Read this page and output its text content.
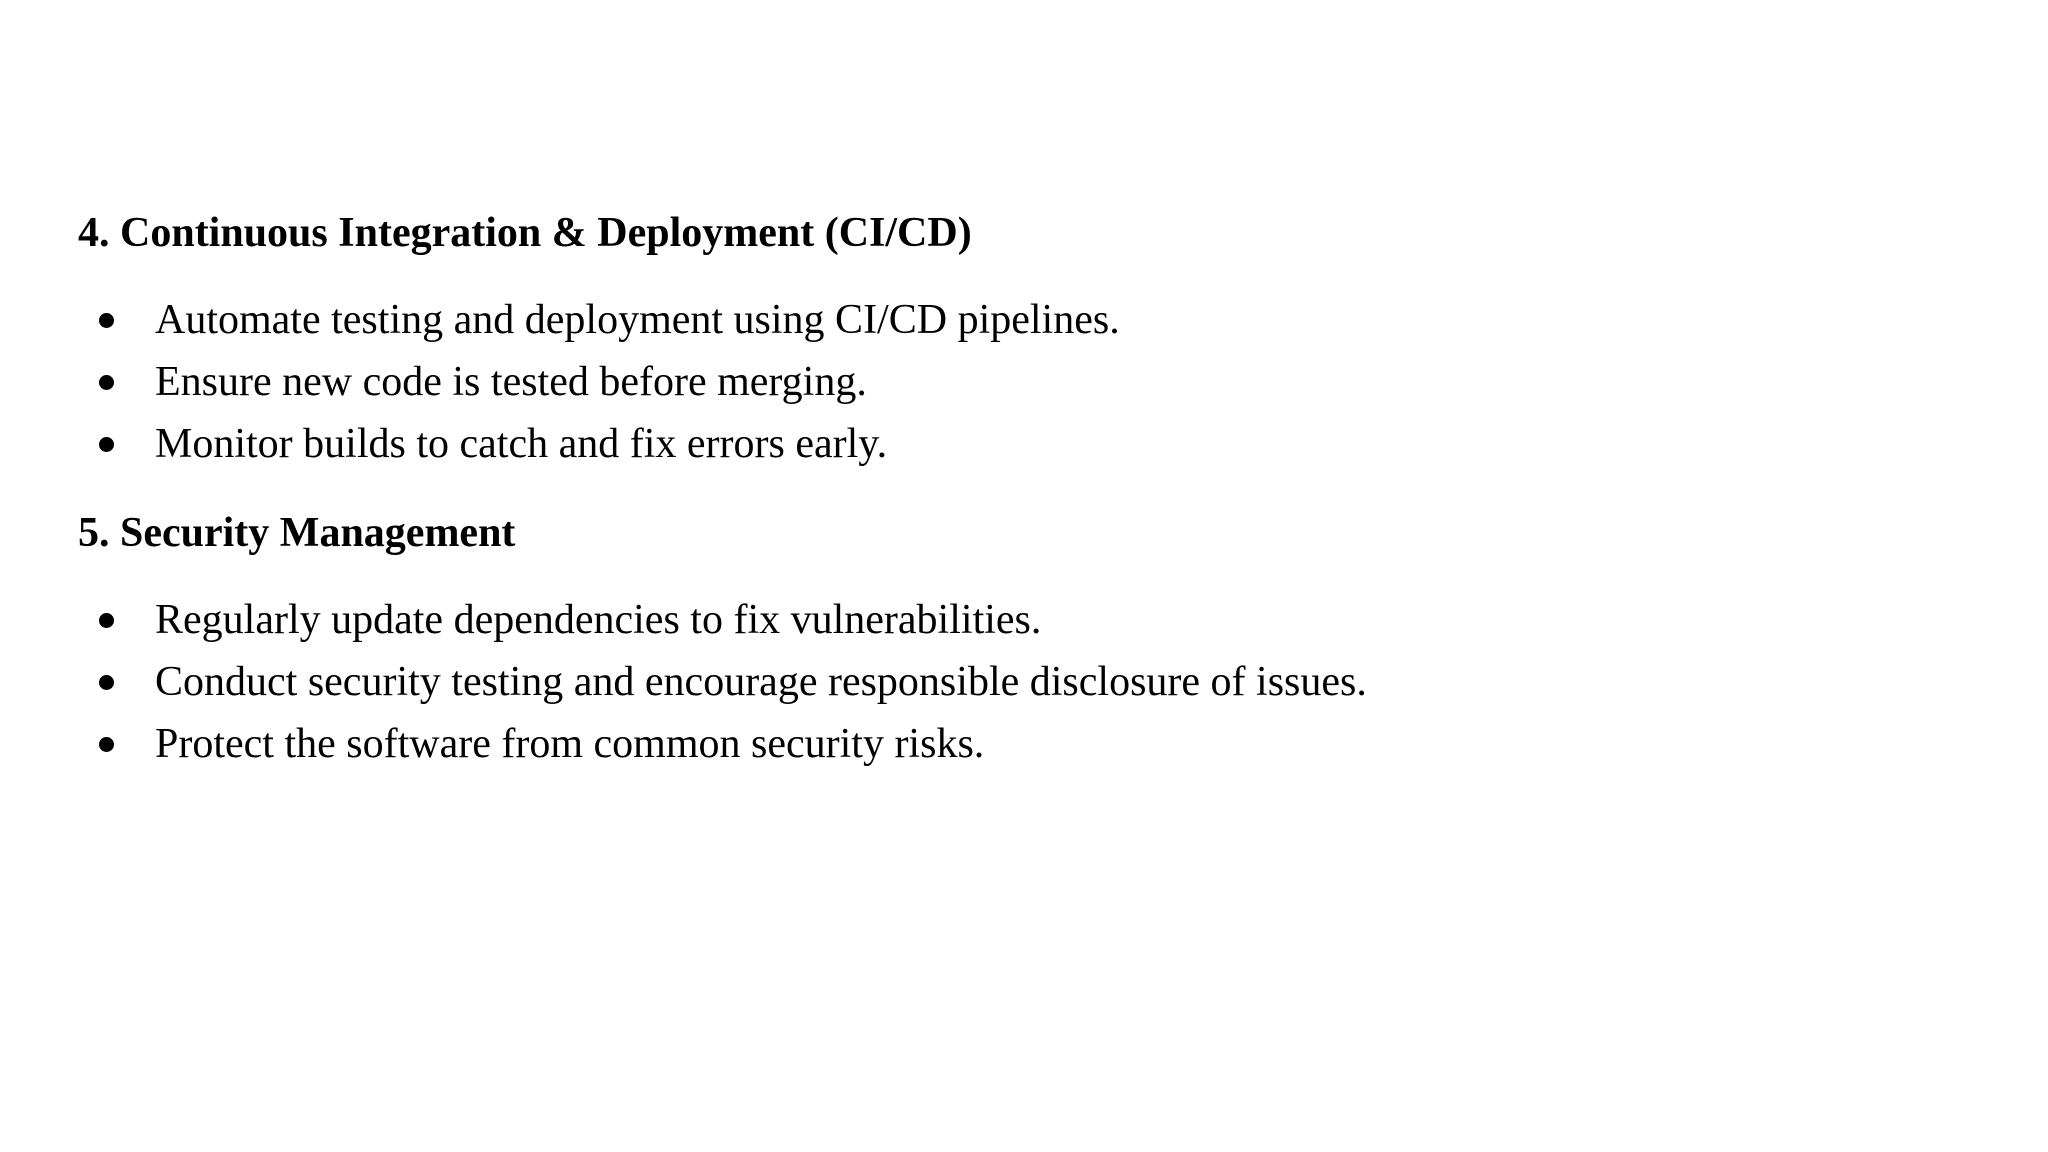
4. Continuous Integration & Deployment (CI/CD)
Automate testing and deployment using CI/CD pipelines.
Ensure new code is tested before merging.
Monitor builds to catch and fix errors early.
5. Security Management
Regularly update dependencies to fix vulnerabilities.
Conduct security testing and encourage responsible disclosure of issues.
Protect the software from common security risks.
